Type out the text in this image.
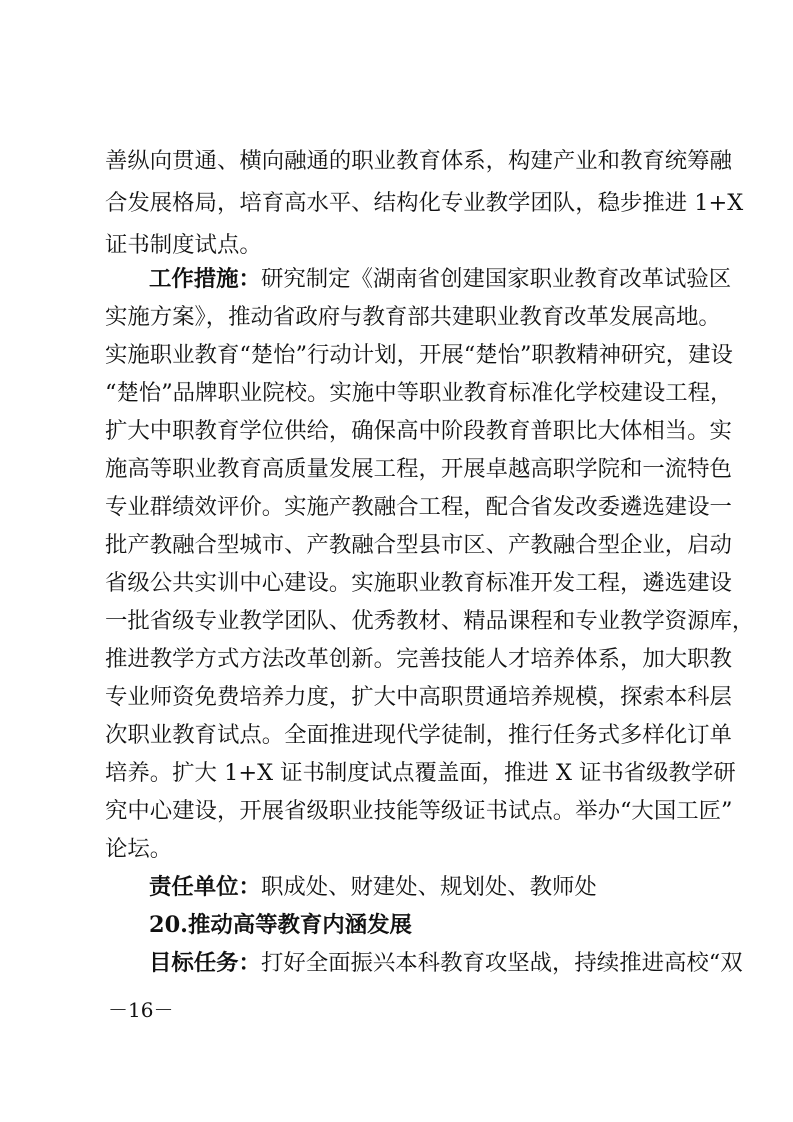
善纵向贯通、横向融通的职业教育体系，构建产业和教育统筹融
合发展格局，培育高水平、结构化专业教学团队，稳步推进 1+X
证书制度试点。
工作措施：研究制定《湖南省创建国家职业教育改革试验区
实施方案》，推动省政府与教育部共建职业教育改革发展高地。
实施职业教育“楚怡”行动计划，开展“楚怡”职教精神研究，建设
“楚怡”品牌职业院校。实施中等职业教育标准化学校建设工程，
扩大中职教育学位供给，确保高中阶段教育普职比大体相当。实
施高等职业教育高质量发展工程，开展卓越高职学院和一流特色
专业群绩效评价。实施产教融合工程，配合省发改委遴选建设一
批产教融合型城市、产教融合型县市区、产教融合型企业，启动
省级公共实训中心建设。实施职业教育标准开发工程，遴选建设
一批省级专业教学团队、优秀教材、精品课程和专业教学资源库，
推进教学方式方法改革创新。完善技能人才培养体系，加大职教
专业师资免费培养力度，扩大中高职贯通培养规模，探索本科层
次职业教育试点。全面推进现代学徒制，推行任务式多样化订单
培养。扩大 1+X 证书制度试点覆盖面，推进 X 证书省级教学研
究中心建设，开展省级职业技能等级证书试点。举办“大国工匠”
论坛。
责任单位：职成处、财建处、规划处、教师处
20.推动高等教育内涵发展
目标任务：打好全面振兴本科教育攻坚战，持续推进高校“双
－16－
